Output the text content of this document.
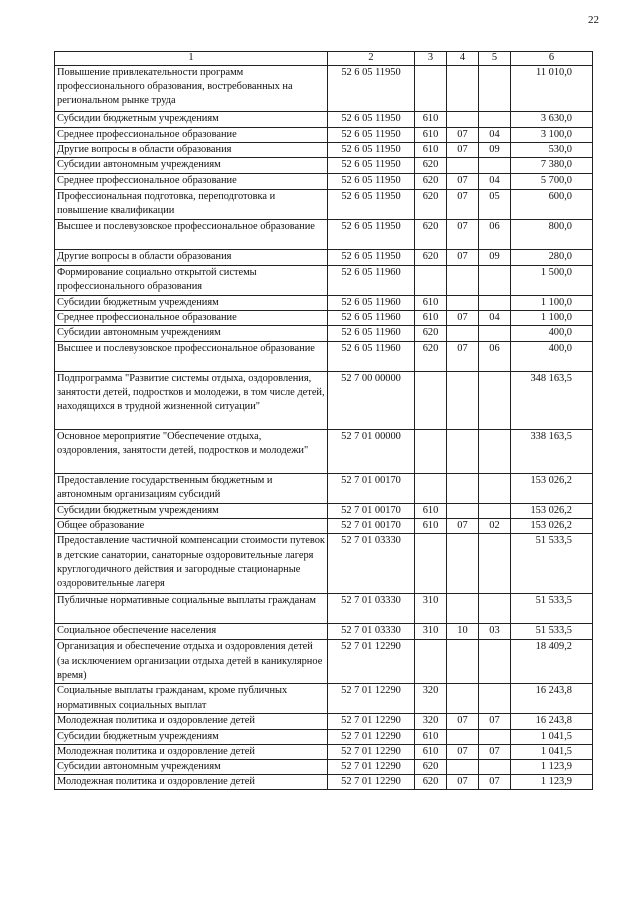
22
1	2	3	4	5	6
Повышение привлекательности программ профессионального образования, востребованных на региональном рынке труда	52 6 05 11950				11 010,0
Субсидии бюджетным учреждениям	52 6 05 11950	610			3 630,0
Среднее профессиональное образование	52 6 05 11950	610	07	04	3 100,0
Другие вопросы в области образования	52 6 05 11950	610	07	09	530,0
Субсидии автономным учреждениям	52 6 05 11950	620			7 380,0
Среднее профессиональное образование	52 6 05 11950	620	07	04	5 700,0
Профессиональная подготовка, переподготовка и повышение квалификации	52 6 05 11950	620	07	05	600,0
Высшее и послевузовское профессиональное образование	52 6 05 11950	620	07	06	800,0
Другие вопросы в области образования	52 6 05 11950	620	07	09	280,0
Формирование социально открытой системы профессионального образования	52 6 05 11960				1 500,0
Субсидии бюджетным учреждениям	52 6 05 11960	610			1 100,0
Среднее профессиональное образование	52 6 05 11960	610	07	04	1 100,0
Субсидии автономным учреждениям	52 6 05 11960	620			400,0
Высшее и послевузовское профессиональное образование	52 6 05 11960	620	07	06	400,0
Подпрограмма "Развитие системы отдыха, оздоровления, занятости детей, подростков и молодежи, в том числе детей, находящихся в трудной жизненной ситуации"	52 7 00 00000				348 163,5
Основное мероприятие "Обеспечение отдыха, оздоровления, занятости детей, подростков и молодежи"	52 7 01 00000				338 163,5
Предоставление государственным бюджетным и автономным организациям субсидий	52 7 01 00170				153 026,2
Субсидии бюджетным учреждениям	52 7 01 00170	610			153 026,2
Общее образование	52 7 01 00170	610	07	02	153 026,2
Предоставление частичной компенсации стоимости путевок в детские санатории, санаторные оздоровительные лагеря круглогодичного действия и загородные стационарные оздоровительные лагеря	52 7 01 03330				51 533,5
Публичные нормативные социальные выплаты гражданам	52 7 01 03330	310			51 533,5
Социальное обеспечение населения	52 7 01 03330	310	10	03	51 533,5
Организация и обеспечение отдыха и оздоровления детей (за исключением организации отдыха детей в каникулярное время)	52 7 01 12290				18 409,2
Социальные выплаты гражданам, кроме публичных нормативных социальных выплат	52 7 01 12290	320			16 243,8
Молодежная политика и оздоровление детей	52 7 01 12290	320	07	07	16 243,8
Субсидии бюджетным учреждениям	52 7 01 12290	610			1 041,5
Молодежная политика и оздоровление детей	52 7 01 12290	610	07	07	1 041,5
Субсидии автономным учреждениям	52 7 01 12290	620			1 123,9
Молодежная политика и оздоровление детей	52 7 01 12290	620	07	07	1 123,9
